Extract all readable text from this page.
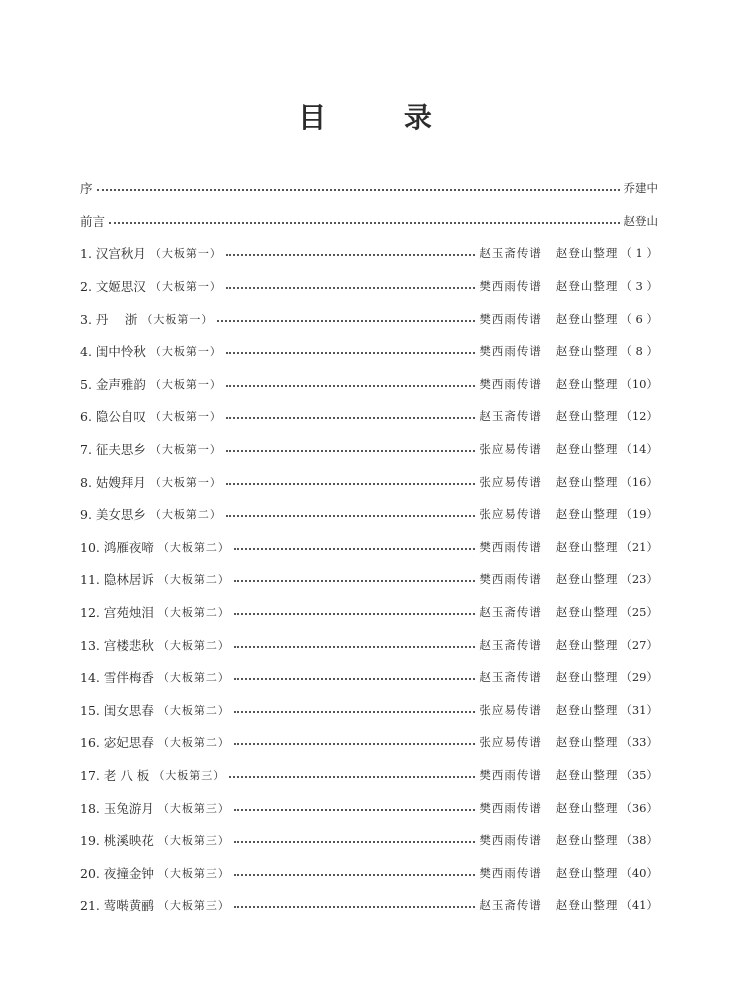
目 录
序	乔建中
前言	赵登山
1. 汉宫秋月 （大板第一）	赵玉斋传谱 赵登山整理 （ 1 ）
2. 文姬思汉 （大板第一）	樊西雨传谱 赵登山整理 （ 3 ）
3. 丹　 浙 （大板第一）	樊西雨传谱 赵登山整理 （ 6 ）
4. 闺中怜秋 （大板第一）	樊西雨传谱 赵登山整理 （ 8 ）
5. 金声雅韵 （大板第一）	樊西雨传谱 赵登山整理 （10）
6. 隐公自叹 （大板第一）	赵玉斋传谱 赵登山整理 （12）
7. 征夫思乡 （大板第一）	张应易传谱 赵登山整理 （14）
8. 姑嫂拜月 （大板第一）	张应易传谱 赵登山整理 （16）
9. 美女思乡 （大板第二）	张应易传谱 赵登山整理 （19）
10. 鸿雁夜啼 （大板第二）	樊西雨传谱 赵登山整理 （21）
11. 隐林居诉 （大板第二）	樊西雨传谱 赵登山整理 （23）
12. 宫苑烛泪 （大板第二）	赵玉斋传谱 赵登山整理 （25）
13. 宫楼悲秋 （大板第二）	赵玉斋传谱 赵登山整理 （27）
14. 雪伴梅香 （大板第二）	赵玉斋传谱 赵登山整理 （29）
15. 闺女思春 （大板第二）	张应易传谱 赵登山整理 （31）
16. 宓妃思春 （大板第二）	张应易传谱 赵登山整理 （33）
17. 老 八 板 （大板第三）	樊西雨传谱 赵登山整理 （35）
18. 玉兔游月 （大板第三）	樊西雨传谱 赵登山整理 （36）
19. 桃溪映花 （大板第三）	樊西雨传谱 赵登山整理 （38）
20. 夜撞金钟 （大板第三）	樊西雨传谱 赵登山整理 （40）
21. 莺啭黄鹂 （大板第三）	赵玉斋传谱 赵登山整理 （41）
